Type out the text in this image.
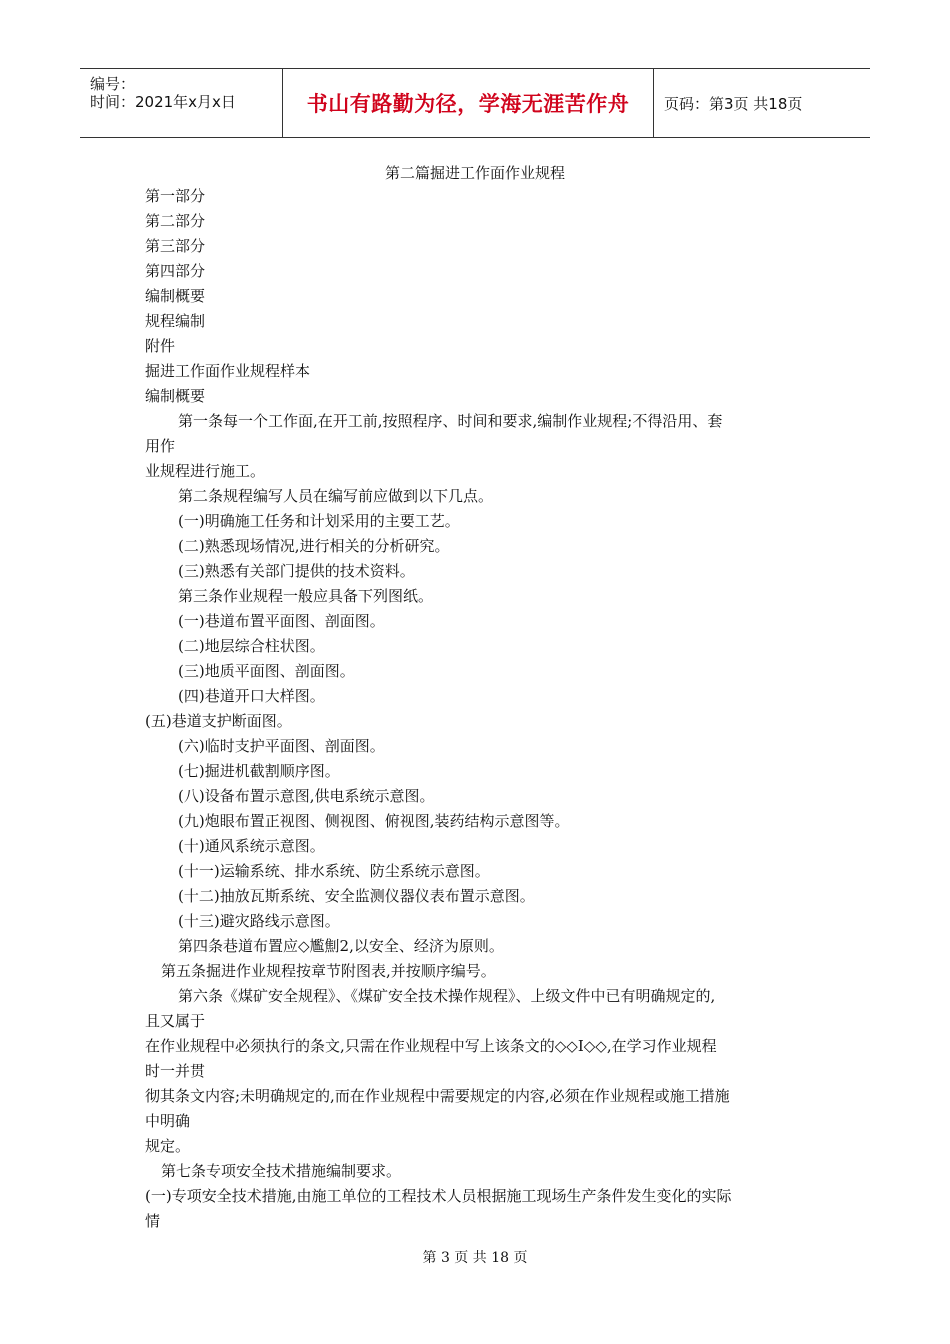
编号：
时间：2021年x月x日	书山有路勤为径，学海无涯苦作舟 页码：第3页 共18页
第二篇掘进工作面作业规程
第一部分
第二部分
第三部分
第四部分
编制概要
规程编制
附件
掘进工作面作业规程样本
编制概要
第一条每一个工作面,在开工前,按照程序、时间和要求,编制作业规程;不得沿用、套
用作
业规程进行施工。
第二条规程编写人员在编写前应做到以下几点。
(一)明确施工任务和计划采用的主要工艺。
(二)熟悉现场情况,进行相关的分析研究。
(三)熟悉有关部门提供的技术资料。
第三条作业规程一般应具备下列图纸。
(一)巷道布置平面图、剖面图。
(二)地层综合柱状图。
(三)地质平面图、剖面图。
(四)巷道开口大样图。
(五)巷道支护断面图。
(六)临时支护平面图、剖面图。
(七)掘进机截割顺序图。
(八)设备布置示意图,供电系统示意图。
(九)炮眼布置正视图、侧视图、俯视图,装药结构示意图等。
(十)通风系统示意图。
(十一)运输系统、排水系统、防尘系统示意图。
(十二)抽放瓦斯系统、安全监测仪器仪表布置示意图。
(十三)避灾路线示意图。
第四条巷道布置应◇尷劁2,以安全、经济为原则。
第五条掘进作业规程按章节附图表,并按顺序编号。
第六条《煤矿安全规程》、《煤矿安全技术操作规程》、上级文件中已有明确规定的,
且又属于
在作业规程中必须执行的条文,只需在作业规程中写上该条文的◇◇I◇◇,在学习作业规程
时一并贯
彻其条文内容;未明确规定的,而在作业规程中需要规定的内容,必须在作业规程或施工措施
中明确
规定。
第七条专项安全技术措施编制要求。
(一)专项安全技术措施,由施工单位的工程技术人员根据施工现场生产条件发生变化的实际
情
第 3 页 共 18 页
